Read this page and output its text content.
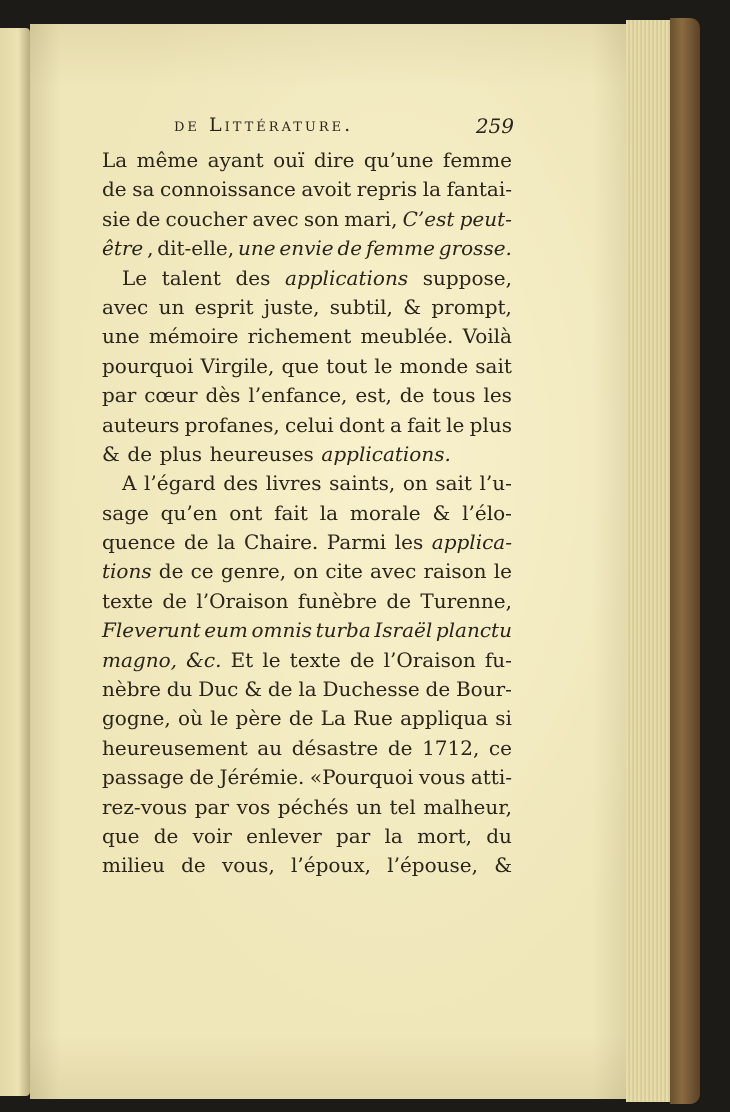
de Littérature.	259
La même ayant ouï dire qu’une femme
de sa connoissance avoit repris la fantai-
sie de coucher avec son mari, C’est peut-
être , dit-elle, une envie de femme grosse.
Le talent des applications suppose,
avec un esprit juste, subtil, & prompt,
une mémoire richement meublée. Voilà
pourquoi Virgile, que tout le monde sait
par cœur dès l’enfance, est, de tous les
auteurs profanes, celui dont a fait le plus
& de plus heureuses applications.
A l’égard des livres saints, on sait l’u-
sage qu’en ont fait la morale & l’élo-
quence de la Chaire. Parmi les applica-
tions de ce genre, on cite avec raison le
texte de l’Oraison funèbre de Turenne,
Fleverunt eum omnis turba Israël planctu
magno, &c. Et le texte de l’Oraison fu-
nèbre du Duc & de la Duchesse de Bour-
gogne, où le père de La Rue appliqua si
heureusement au désastre de 1712, ce
passage de Jérémie. «Pourquoi vous atti-
rez-vous par vos péchés un tel malheur,
que de voir enlever par la mort, du
milieu de vous, l’époux, l’épouse, &
